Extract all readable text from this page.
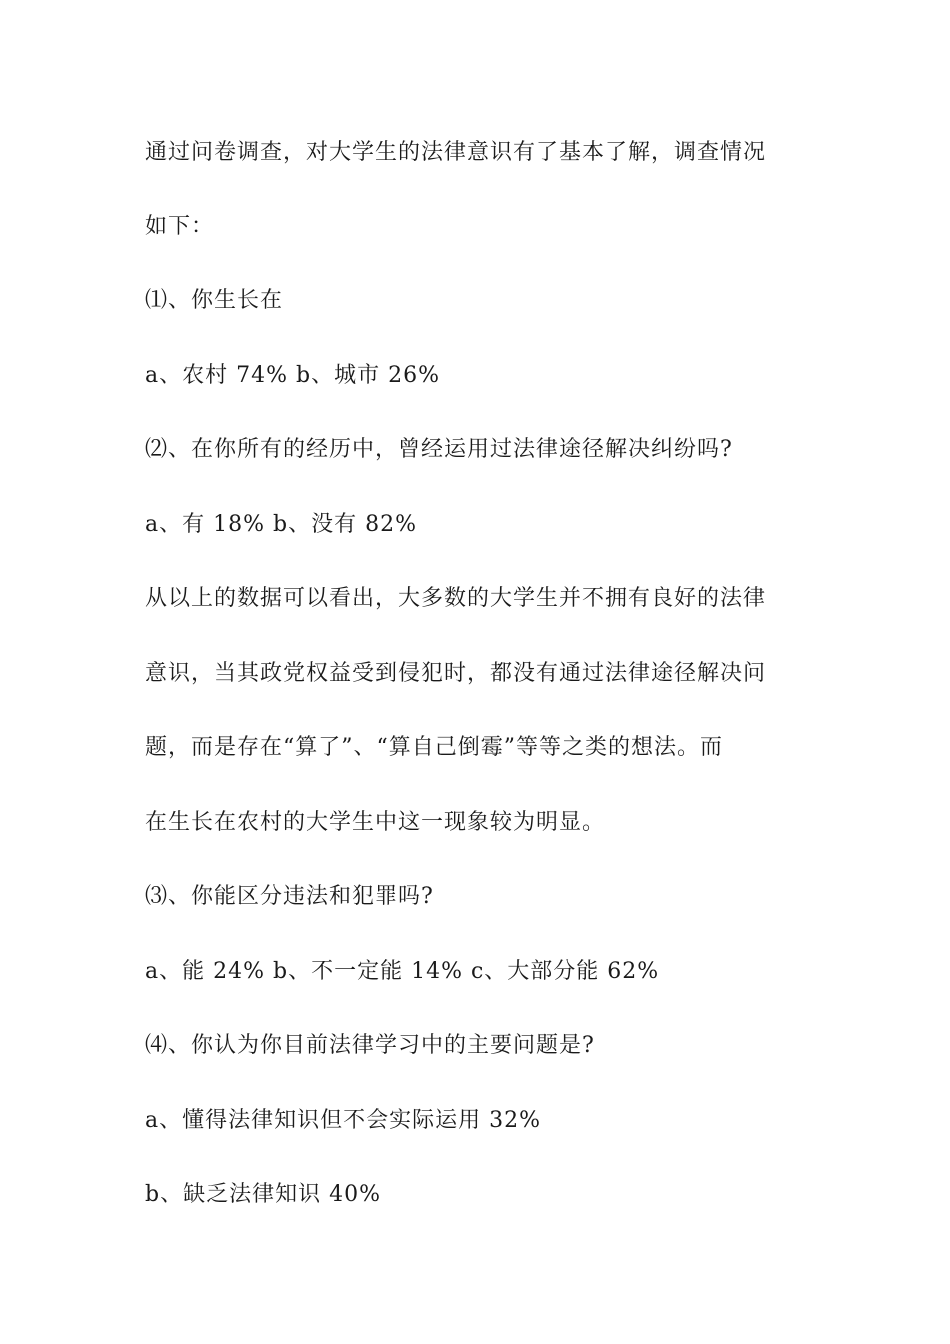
通过问卷调查，对大学生的法律意识有了基本了解，调查情况
如下：
⑴、你生长在
a、农村 74% b、城市 26%
⑵、在你所有的经历中，曾经运用过法律途径解决纠纷吗?
a、有 18% b、没有 82%
从以上的数据可以看出，大多数的大学生并不拥有良好的法律
意识，当其政党权益受到侵犯时，都没有通过法律途径解决问
题，而是存在“算了”、“算自己倒霉”等等之类的想法。而
在生长在农村的大学生中这一现象较为明显。
⑶、你能区分违法和犯罪吗?
a、能 24% b、不一定能 14% c、大部分能 62%
⑷、你认为你目前法律学习中的主要问题是?
a、懂得法律知识但不会实际运用 32%
b、缺乏法律知识 40%
